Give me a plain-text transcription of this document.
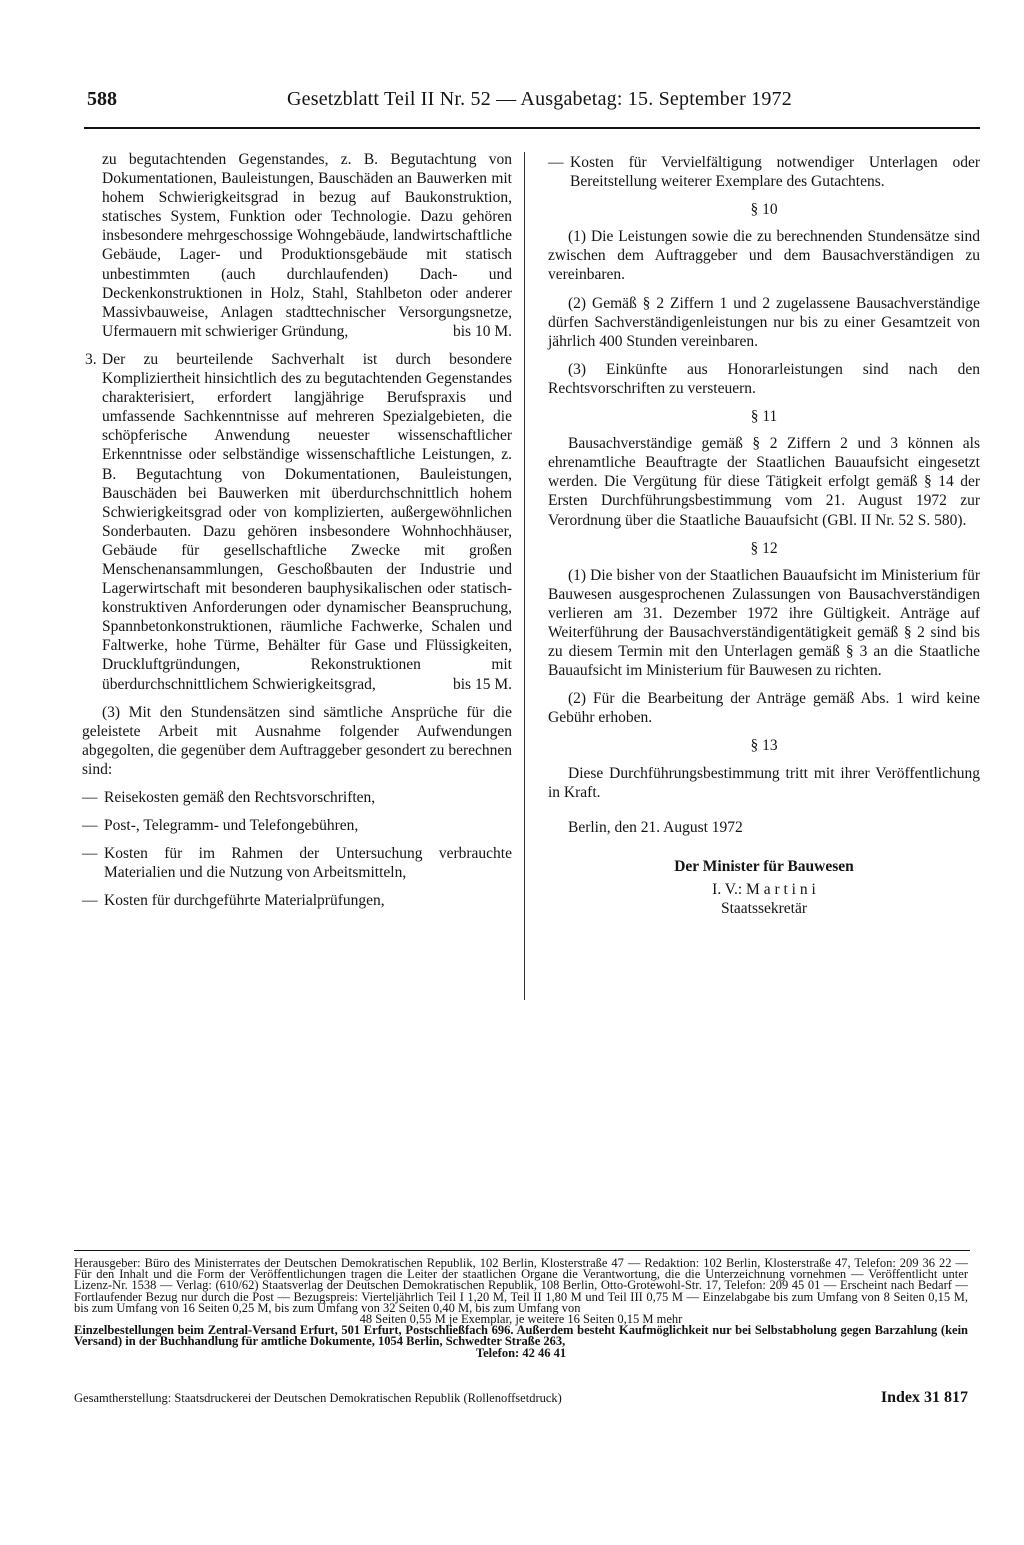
588	Gesetzblatt Teil II Nr. 52 — Ausgabetag: 15. September 1972

zu begutachtenden Gegenstandes, z. B. Begutachtung von Dokumentationen, Bauleistungen, Bauschäden an Bauwerken mit hohem Schwierigkeitsgrad in bezug auf Baukonstruktion, statisches System, Funktion oder Technologie. Dazu gehören insbesondere mehrgeschossige Wohngebäude, landwirtschaftliche Gebäude, Lager- und Produktionsgebäude mit statisch unbestimmten (auch durchlaufenden) Dach- und Deckenkonstruktionen in Holz, Stahl, Stahlbeton oder anderer Massivbauweise, Anlagen stadttechnischer Versorgungsnetze, Ufermauern mit schwieriger Gründung,	bis 10 M.

3. Der zu beurteilende Sachverhalt ist durch besondere Kompliziertheit hinsichtlich des zu begutachtenden Gegenstandes charakterisiert, erfordert langjährige Berufspraxis und umfassende Sachkenntnisse auf mehreren Spezialgebieten, die schöpferische Anwendung neuester wissenschaftlicher Erkenntnisse oder selbständige wissenschaftliche Leistungen, z. B. Begutachtung von Dokumentationen, Bauleistungen, Bauschäden bei Bauwerken mit überdurchschnittlich hohem Schwierigkeitsgrad oder von komplizierten, außergewöhnlichen Sonderbauten. Dazu gehören insbesondere Wohnhochhäuser, Gebäude für gesellschaftliche Zwecke mit großen Menschenansammlungen, Geschoßbauten der Industrie und Lagerwirtschaft mit besonderen bauphysikalischen oder statisch-konstruktiven Anforderungen oder dynamischer Beanspruchung, Spannbetonkonstruktionen, räumliche Fachwerke, Schalen und Faltwerke, hohe Türme, Behälter für Gase und Flüssigkeiten, Druckluftgründungen, Rekonstruktionen mit überdurchschnittlichem Schwierigkeitsgrad,	bis 15 M.

(3) Mit den Stundensätzen sind sämtliche Ansprüche für die geleistete Arbeit mit Ausnahme folgender Aufwendungen abgegolten, die gegenüber dem Auftraggeber gesondert zu berechnen sind:

— Reisekosten gemäß den Rechtsvorschriften,
— Post-, Telegramm- und Telefongebühren,
— Kosten für im Rahmen der Untersuchung verbrauchte Materialien und die Nutzung von Arbeitsmitteln,
— Kosten für durchgeführte Materialprüfungen,
— Kosten für Vervielfältigung notwendiger Unterlagen oder Bereitstellung weiterer Exemplare des Gutachtens.

§ 10

(1) Die Leistungen sowie die zu berechnenden Stundensätze sind zwischen dem Auftraggeber und dem Bausachverständigen zu vereinbaren.

(2) Gemäß § 2 Ziffern 1 und 2 zugelassene Bausachverständige dürfen Sachverständigenleistungen nur bis zu einer Gesamtzeit von jährlich 400 Stunden vereinbaren.

(3) Einkünfte aus Honorarleistungen sind nach den Rechtsvorschriften zu versteuern.

§ 11

Bausachverständige gemäß § 2 Ziffern 2 und 3 können als ehrenamtliche Beauftragte der Staatlichen Bauaufsicht eingesetzt werden. Die Vergütung für diese Tätigkeit erfolgt gemäß § 14 der Ersten Durchführungsbestimmung vom 21. August 1972 zur Verordnung über die Staatliche Bauaufsicht (GBl. II Nr. 52 S. 580).

§ 12

(1) Die bisher von der Staatlichen Bauaufsicht im Ministerium für Bauwesen ausgesprochenen Zulassungen von Bausachverständigen verlieren am 31. Dezember 1972 ihre Gültigkeit. Anträge auf Weiterführung der Bausachverständigentätigkeit gemäß § 2 sind bis zu diesem Termin mit den Unterlagen gemäß § 3 an die Staatliche Bauaufsicht im Ministerium für Bauwesen zu richten.

(2) Für die Bearbeitung der Anträge gemäß Abs. 1 wird keine Gebühr erhoben.

§ 13

Diese Durchführungsbestimmung tritt mit ihrer Veröffentlichung in Kraft.

Berlin, den 21. August 1972

Der Minister für Bauwesen

I. V.: M a r t i n i

Staatssekretär

Herausgeber: Büro des Ministerrates der Deutschen Demokratischen Republik, 102 Berlin, Klosterstraße 47 — Redaktion: 102 Berlin, Klosterstraße 47, Telefon: 209 36 22 — Für den Inhalt und die Form der Veröffentlichungen tragen die Leiter der staatlichen Organe die Verantwortung, die die Unterzeichnung vornehmen — Veröffentlicht unter Lizenz-Nr. 1538 — Verlag: (610/62) Staatsverlag der Deutschen Demokratischen Republik, 108 Berlin, Otto-Grotewohl-Str. 17, Telefon: 209 45 01 — Erscheint nach Bedarf — Fortlaufender Bezug nur durch die Post — Bezugspreis: Vierteljährlich Teil I 1,20 M, Teil II 1,80 M und Teil III 0,75 M — Einzelabgabe bis zum Umfang von 8 Seiten 0,15 M, bis zum Umfang von 16 Seiten 0,25 M, bis zum Umfang von 32 Seiten 0,40 M, bis zum Umfang von

48 Seiten 0,55 M je Exemplar, je weitere 16 Seiten 0,15 M mehr

Einzelbestellungen beim Zentral-Versand Erfurt, 501 Erfurt, Postschließfach 696. Außerdem besteht Kaufmöglichkeit nur bei Selbstabholung gegen Barzahlung (kein Versand) in der Buchhandlung für amtliche Dokumente, 1054 Berlin, Schwedter Straße 263,

Telefon: 42 46 41

Gesamtherstellung: Staatsdruckerei der Deutschen Demokratischen Republik (Rollenoffsetdruck)	Index 31 817
